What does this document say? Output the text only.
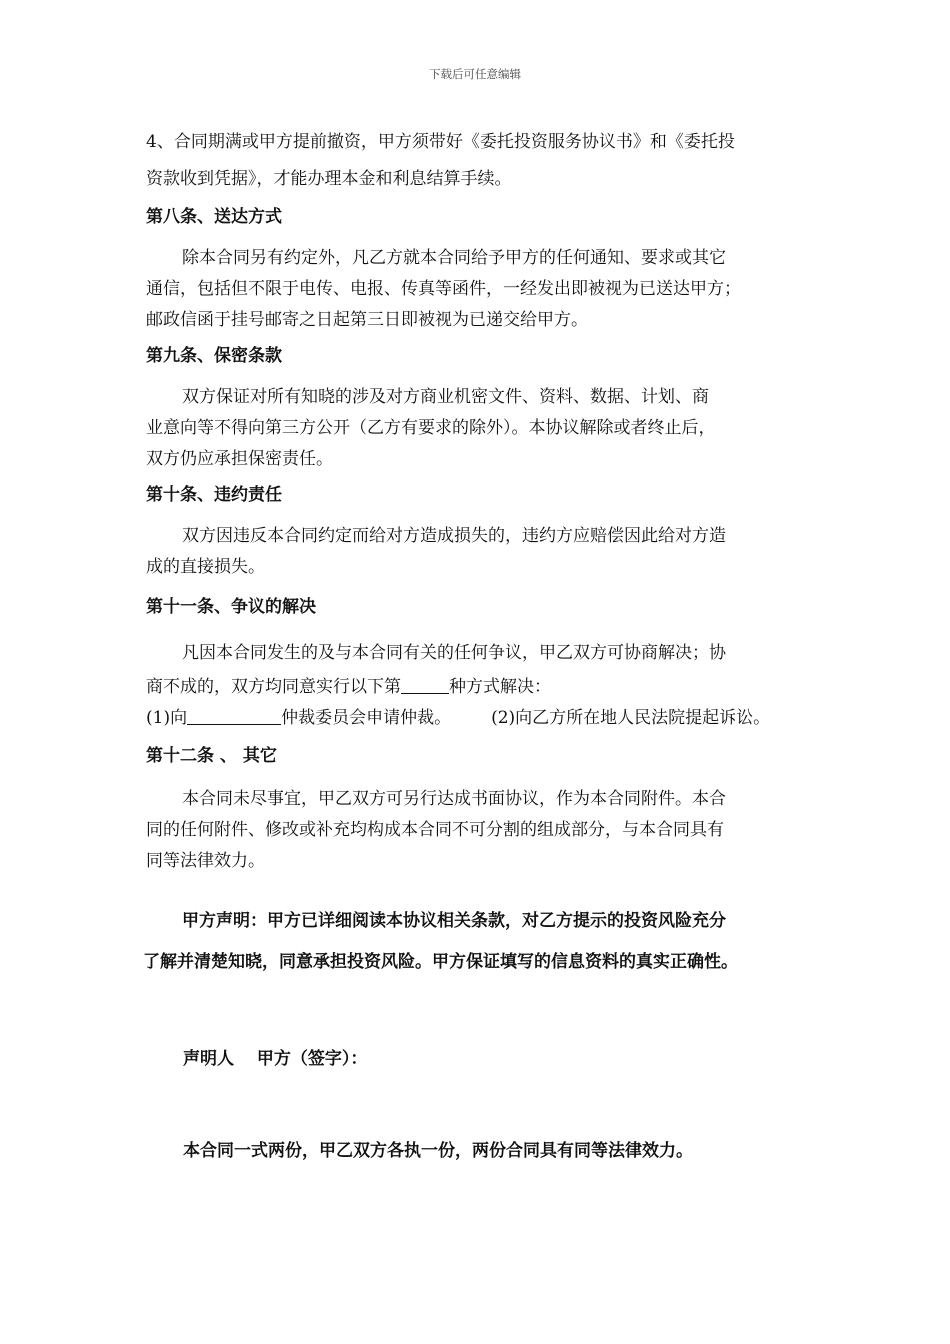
下载后可任意编辑

4、合同期满或甲方提前撤资，甲方须带好《委托投资服务协议书》和《委托投

资款收到凭据》，才能办理本金和利息结算手续。

第八条、送达方式

除本合同另有约定外，凡乙方就本合同给予甲方的任何通知、要求或其它

通信，包括但不限于电传、电报、传真等函件，一经发出即被视为已送达甲方；

邮政信函于挂号邮寄之日起第三日即被视为已递交给甲方。

第九条、保密条款

双方保证对所有知晓的涉及对方商业机密文件、资料、数据、计划、商

业意向等不得向第三方公开（乙方有要求的除外）。本协议解除或者终止后，

双方仍应承担保密责任。

第十条、违约责任

双方因违反本合同约定而给对方造成损失的，违约方应赔偿因此给对方造

成的直接损失。

第十一条、争议的解决

凡因本合同发生的及与本合同有关的任何争议，甲乙双方可协商解决；协

商不成的，双方均同意实行以下第	种方式解决：

(1)向	仲裁委员会申请仲裁。 (2)向乙方所在地人民法院提起诉讼。

第十二条 、 其它

本合同未尽事宜，甲乙双方可另行达成书面协议，作为本合同附件。本合

同的任何附件、修改或补充均构成本合同不可分割的组成部分，与本合同具有

同等法律效力。

甲方声明：甲方已详细阅读本协议相关条款，对乙方提示的投资风险充分

了解并清楚知晓，同意承担投资风险。甲方保证填写的信息资料的真实正确性。

声明人　 甲方（签字）：

本合同一式两份，甲乙双方各执一份，两份合同具有同等法律效力。
